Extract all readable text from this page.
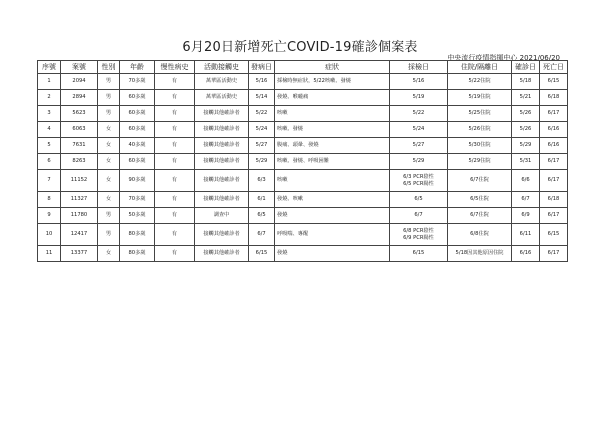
6月20日新增死亡COVID-19確診個案表
中央流行疫情指揮中心 2021/06/20
序號	案號	性別	年齡	慢性病史	活動接觸史	發病日	症狀	採檢日	住院/隔離日	確診日	死亡日
1	2094	男	70多歲	有	萬華區活動史	5/16	採檢時無症狀，5/22咳嗽、發燒	5/16	5/22住院	5/18	6/15
2	2894	男	60多歲	有	萬華區活動史	5/14	發燒、喉嚨痛	5/19	5/19住院	5/21	6/18
3	5623	男	60多歲	有	接觸其他確診者	5/22	咳嗽	5/22	5/25住院	5/26	6/17
4	6063	女	60多歲	有	接觸其他確診者	5/24	咳嗽、發燒	5/24	5/26住院	5/26	6/16
5	7631	女	40多歲	有	接觸其他確診者	5/27	腹痛、頭暈、發燒	5/27	5/30住院	5/29	6/16
6	8263	女	60多歲	有	接觸其他確診者	5/29	咳嗽、發燒、呼吸困難	5/29	5/29住院	5/31	6/17
7	11152	女	90多歲	有	接觸其他確診者	6/3	咳嗽	6/3 PCR陰性
6/5 PCR陽性	6/7住院	6/6	6/17
8	11327	女	70多歲	有	接觸其他確診者	6/1	發燒、咳嗽	6/5	6/5住院	6/7	6/18
9	11780	男	50多歲	有	調查中	6/5	發燒	6/7	6/7住院	6/9	6/17
10	12417	男	80多歲	有	接觸其他確診者	6/7	呼吸喘、專醒	6/8 PCR陰性
6/9 PCR陽性	6/8住院	6/11	6/15
11	13377	女	80多歲	有	接觸其他確診者	6/15	發燒	6/15	5/18因其他原因住院	6/16	6/17
